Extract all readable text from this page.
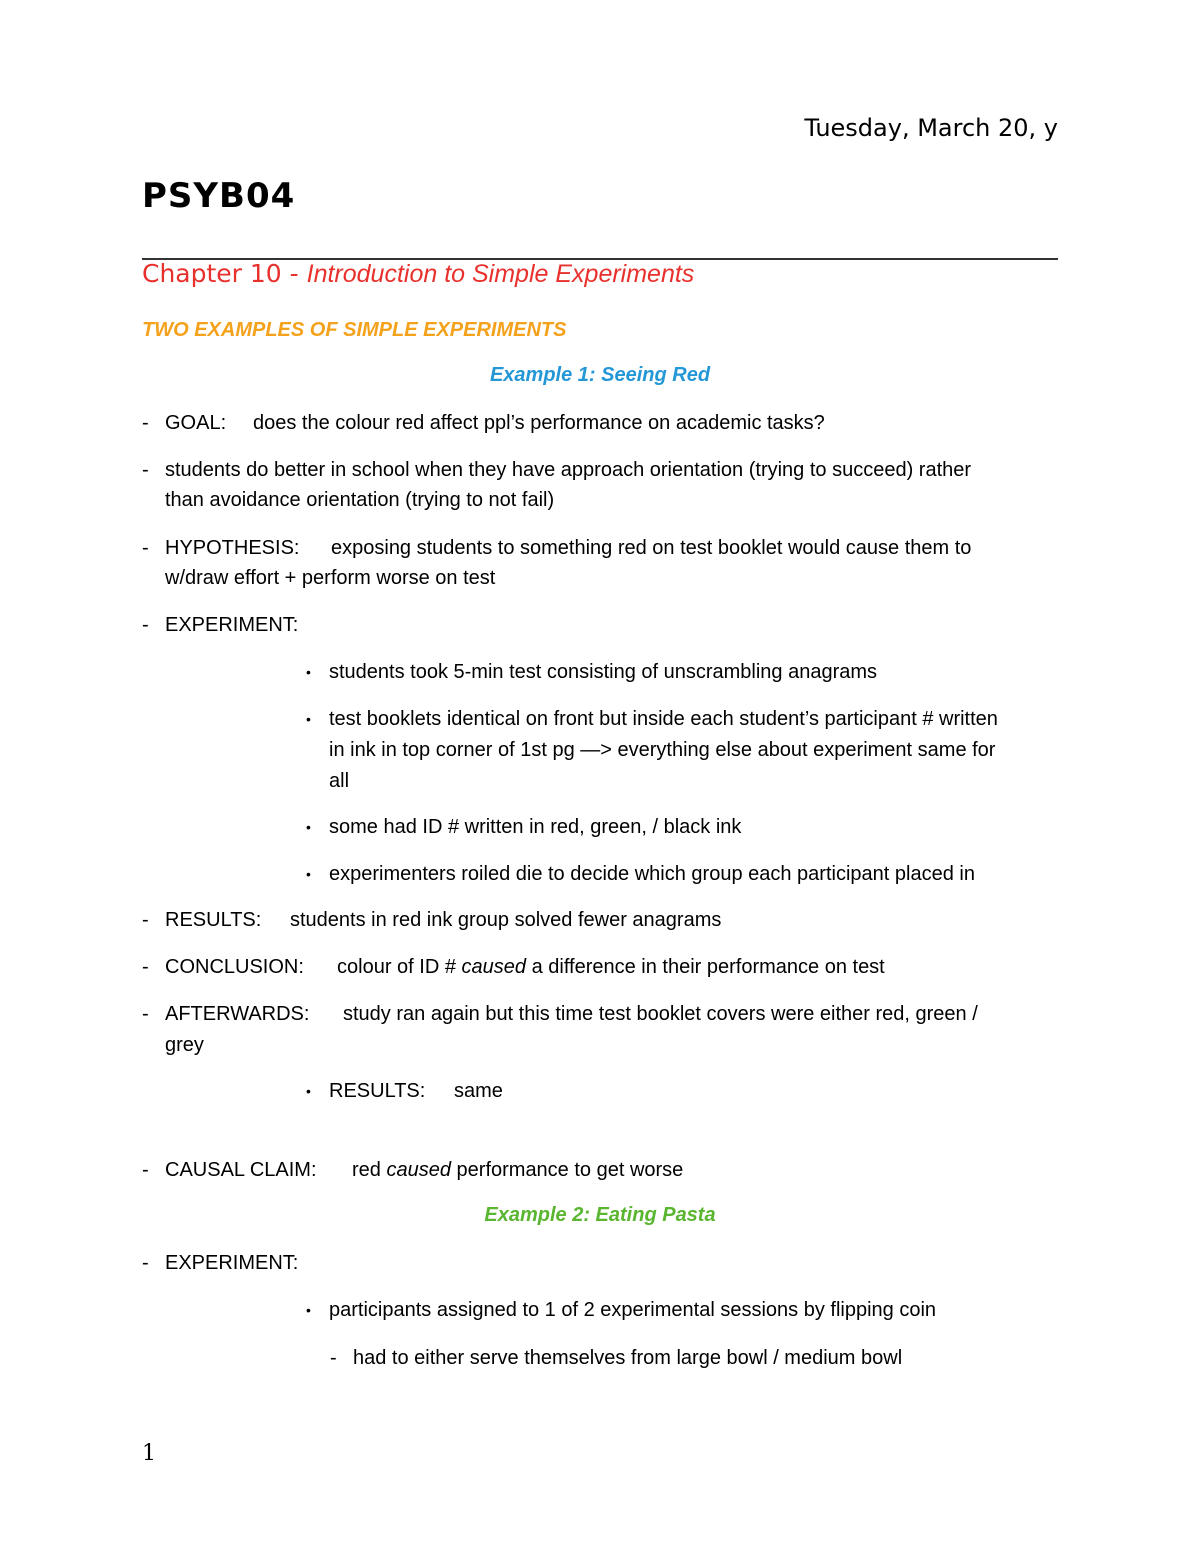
Tuesday, March 20, y
PSYB04
Chapter 10 - Introduction to Simple Experiments
TWO EXAMPLES OF SIMPLE EXPERIMENTS
Example 1: Seeing Red
- GOAL: does the colour red affect ppl’s performance on academic tasks?
- students do better in school when they have approach orientation (trying to succeed) rather
than avoidance orientation (trying to not fail)
- HYPOTHESIS: exposing students to something red on test booklet would cause them to
w/draw effort + perform worse on test
- EXPERIMENT:
• students took 5-min test consisting of unscrambling anagrams
• test booklets identical on front but inside each student’s participant # written
in ink in top corner of 1st pg —> everything else about experiment same for
all
• some had ID # written in red, green, / black ink
• experimenters roiled die to decide which group each participant placed in
- RESULTS: students in red ink group solved fewer anagrams
- CONCLUSION: colour of ID # caused a difference in their performance on test
- AFTERWARDS: study ran again but this time test booklet covers were either red, green /
grey
• RESULTS: same
- CAUSAL CLAIM: red caused performance to get worse
Example 2: Eating Pasta
- EXPERIMENT:
• participants assigned to 1 of 2 experimental sessions by flipping coin
- had to either serve themselves from large bowl / medium bowl
1
